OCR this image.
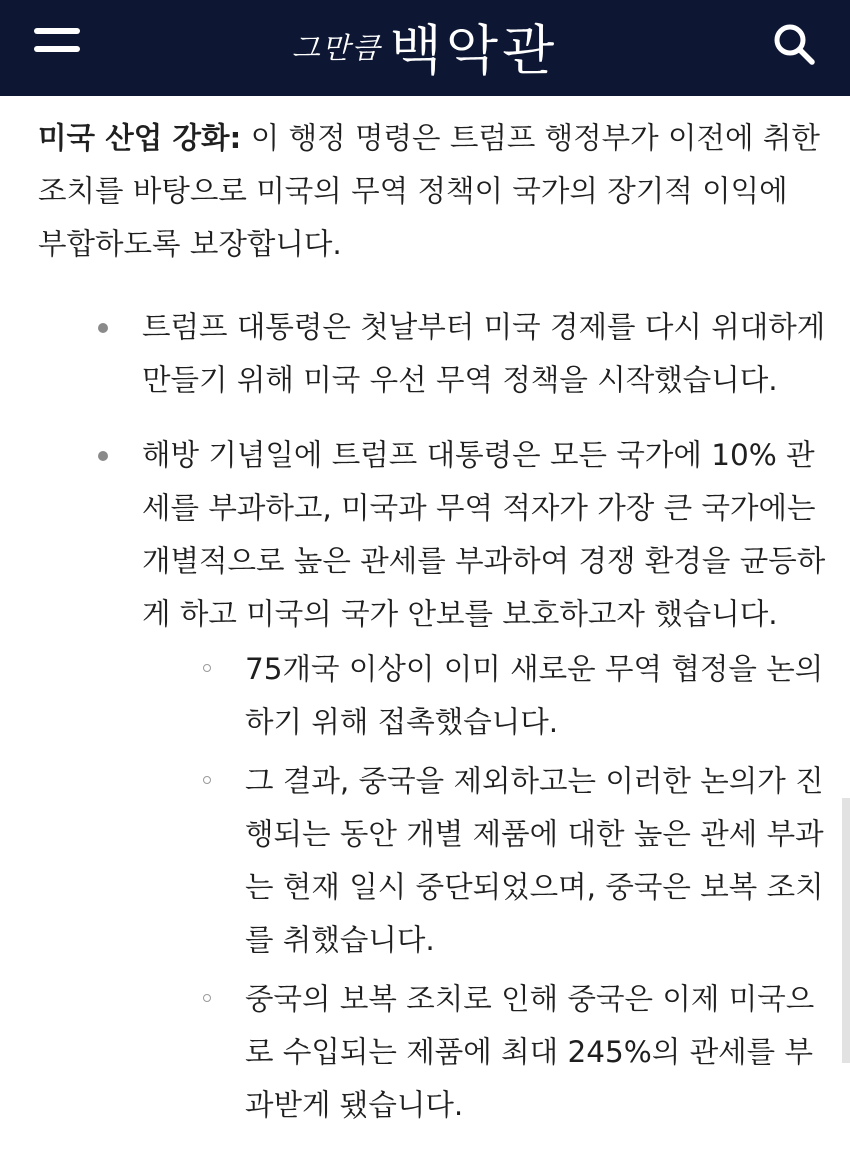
그만큼 백악관

미국 산업 강화: 이 행정 명령은 트럼프 행정부가 이전에 취한 조치를 바탕으로 미국의 무역 정책이 국가의 장기적 이익에 부합하도록 보장합니다.

트럼프 대통령은 첫날부터 미국 경제를 다시 위대하게 만들기 위해 미국 우선 무역 정책을 시작했습니다.
해방 기념일에 트럼프 대통령은 모든 국가에 10% 관세를 부과하고, 미국과 무역 적자가 가장 큰 국가에는 개별적으로 높은 관세를 부과하여 경쟁 환경을 균등하게 하고 미국의 국가 안보를 보호하고자 했습니다.
75개국 이상이 이미 새로운 무역 협정을 논의하기 위해 접촉했습니다.
그 결과, 중국을 제외하고는 이러한 논의가 진행되는 동안 개별 제품에 대한 높은 관세 부과는 현재 일시 중단되었으며, 중국은 보복 조치를 취했습니다.
중국의 보복 조치로 인해 중국은 이제 미국으로 수입되는 제품에 최대 245%의 관세를 부과받게 됐습니다.
